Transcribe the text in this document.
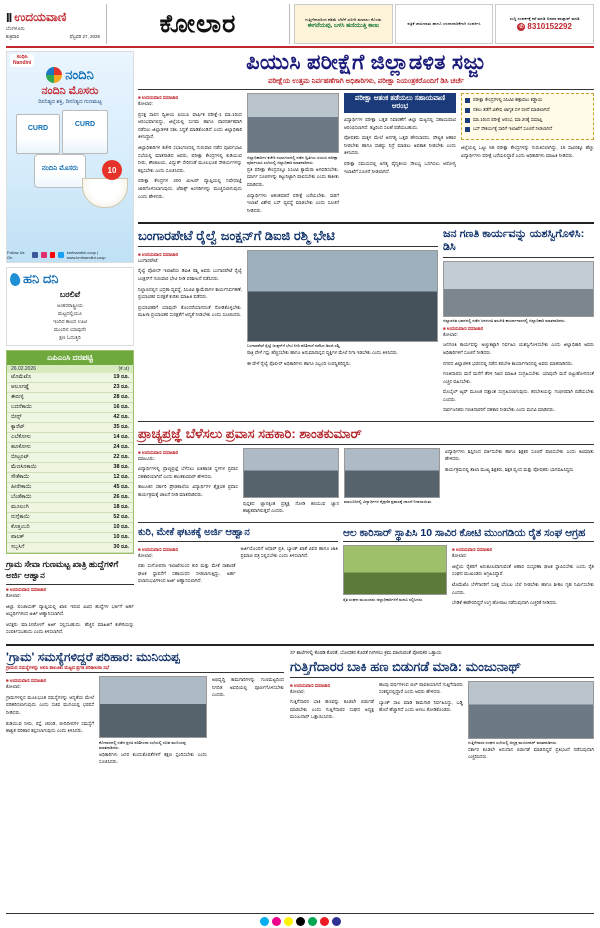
II ಉದಯವಾಣಿ
ಬೆಂಗಳೂರು
ಶುಕ್ರವಾರ	ಫೆಬ್ರವರಿ 27, 2026 ಕೋಲಾರ	ಗುತ್ತಿಗೆದಾರರಿಂದ ಕಡಿಮೆ ಬೆಲೆಗೆ ಖರೀದಿ ಮಾಡಲು ಕೊಂಡು
ಈಗನೆಯವು, ಬಳಸಿ ಹಣಿಯುತ್ತಿ ಕಾಣು	ಪತ್ರಿಕೆ ಜಾಹೀರಾತು ಹಾಗೂ ಚಂದಾದಾರಿಕೆಗಾಗಿ ಸಂಪರ್ಕಿಸಿ
ಸುದ್ದಿ ಸಂಪರ್ಕಕ್ಕೆ ಕರೆ ಮಾಡಿ ಅಥವಾ ವಾಟ್ಸಾಪ್ ಮಾಡಿ
✆ 8310152292
ಸಂಧಿಸಿ
Nandini
ನಂದಿನಿ
ನಂದಿನಿ ಮೊಸರು
ದಿನನಿತ್ಯದ ಶಕ್ತಿ, ದಿನನಿತ್ಯದ ಗುಣಮಟ್ಟ
CURD
CURD
ನಂದಿನಿ ಮೊಸರು	10
Follow Us On
kmfnandini.coop | www.kmfnandini.coop
ಹನಿ ದನಿ
ಬರಲಿವೆ
ಅಂತರರಾಷ್ಟ್ರೀಯ
ಮಟ್ಟದಲ್ಲಿಯೂ
ಇಂದಿನ ಕಾಲದ ಊಟಿ
ಮುಂದಿನ ಯಾವುದೇ
ಕ್ಷಣ ಓದುತ್ತಿರಿ
ಎಪಿಎಂಸಿ ದರಪಟ್ಟಿ
26.02.2026	(ಕೆ.ಜಿ)
ಟೊಮೆಟೊ	19 ರೂ.
ಆಲೂಗಡ್ಡೆ	23 ರೂ.
ಈರುಳ್ಳಿ	28 ರೂ.
ಬದನೆಕಾಯಿ	16 ರೂ.
ಬೀನ್ಸ್	42 ರೂ.
ಕ್ಯಾರೆಟ್	35 ರೂ.
ಎಲೆಕೋಸು	14 ರೂ.
ಹೂಕೋಸು	24 ರೂ.
ಬೀಟ್ರೂಟ್	22 ರೂ.
ಮೆಣಸಿನಕಾಯಿ	38 ರೂ.
ಸೌತೆಕಾಯಿ	12 ರೂ.
ಹೀರೇಕಾಯಿ	45 ರೂ.
ಬೆಂಡೆಕಾಯಿ	26 ರೂ.
ಮೂಲಂಗಿ	18 ರೂ.
ನುಗ್ಗೆಕಾಯಿ	52 ರೂ.
ಕೊತ್ತಂಬರಿ	10 ರೂ.
ಪಾಲಕ್	10 ರೂ.
ಸಬ್ಬಸಿಗೆ	30 ರೂ.
ಗ್ರಾಮ ಸೇವಾ ಗುಣಮಟ್ಟ ಖಾತ್ರಿ ಹುದ್ದೆಗಳಿಗೆ ಅರ್ಜಿ ಆಹ್ವಾನ
■ ಉದಯವಾಣಿ ಸಮಾಚಾರ

ಕೋಲಾರ:

ಜಿಲ್ಲಾ ಪಂಚಾಯತ್ ವ್ಯಾಪ್ತಿಯಲ್ಲಿ ಖಾಲಿ ಇರುವ ವಿವಿಧ ಹುದ್ದೆಗಳ ಭರ್ತಿಗೆ ಅರ್ಹ ಅಭ್ಯರ್ಥಿಗಳಿಂದ ಅರ್ಜಿ ಆಹ್ವಾನಿಸಲಾಗಿದೆ.

ಆಸಕ್ತರು ಮಾ.10ರೊಳಗೆ ಅರ್ಜಿ ಸಲ್ಲಿಸಬಹುದು. ಹೆಚ್ಚಿನ ಮಾಹಿತಿಗೆ ಕಚೇರಿಯನ್ನು ಸಂಪರ್ಕಿಸಬಹುದು ಎಂದು ತಿಳಿಸಲಾಗಿದೆ.

ಪಿಯುಸಿ ಪರೀಕ್ಷೆಗೆ ಜಿಲ್ಲಾಡಳಿತ ಸಜ್ಜು
ಪರೀಕ್ಷೆಯ ಉತ್ತಮ ನಿರ್ವಹಣೆಗಾಗಿ ಅಧಿಕಾರಿಗಳು, ಪರೀಕ್ಷಾ ನಿಯಂತ್ರಕರೊಂದಿಗೆ ಡಿಸಿ ಚರ್ಚೆ
■ ಉದಯವಾಣಿ ಸಮಾಚಾರ

ಕೋಲಾರ:

ಪ್ರಸಕ್ತ ಸಾಲಿನ ದ್ವಿತೀಯ ಪಿಯುಸಿ ವಾರ್ಷಿಕ ಪರೀಕ್ಷೆ-1 ಮಾ.1ರಿಂದ ಆರಂಭವಾಗಲಿದ್ದು, ಜಿಲ್ಲೆಯಲ್ಲಿ ಸುಗಮ ಹಾಗೂ ಪಾರದರ್ಶಕವಾಗಿ ನಡೆಸಲು ಜಿಲ್ಲಾಡಳಿತ ಸಕಲ ಸಿದ್ಧತೆ ಮಾಡಿಕೊಂಡಿದೆ ಎಂದು ಜಿಲ್ಲಾಧಿಕಾರಿ ತಿಳಿಸಿದ್ದಾರೆ.

ಜಿಲ್ಲಾಧಿಕಾರಿಗಳ ಕಚೇರಿ ಸಭಾಂಗಣದಲ್ಲಿ ಗುರುವಾರ ನಡೆದ ಪೂರ್ವಭಾವಿ ಸಭೆಯಲ್ಲಿ ಮಾತನಾಡಿದ ಅವರು, ಪರೀಕ್ಷಾ ಕೇಂದ್ರಗಳಲ್ಲಿ ಕುಡಿಯುವ ನೀರು, ಶೌಚಾಲಯ, ವಿದ್ಯುತ್ ಸೇರಿದಂತೆ ಮೂಲಭೂತ ಸೌಕರ್ಯಗಳನ್ನು ಕಲ್ಪಿಸಬೇಕು ಎಂದು ಸೂಚಿಸಿದರು.

ಪರೀಕ್ಷಾ ಕೇಂದ್ರಗಳ 200 ಮೀಟರ್ ವ್ಯಾಪ್ತಿಯಲ್ಲಿ ನಿಷೇಧಾಜ್ಞೆ ಜಾರಿಗೊಳಿಸಲಾಗುವುದು. ಜೆರಾಕ್ಸ್ ಅಂಗಡಿಗಳನ್ನು ಮುಚ್ಚಿಸಲಾಗುವುದು ಎಂದು ಹೇಳಿದರು.

ಜಿಲ್ಲಾಧಿಕಾರಿಗಳ ಕಚೇರಿ ಸಭಾಂಗಣದಲ್ಲಿ ನಡೆದ ದ್ವಿತೀಯ ಪಿಯುಸಿ ಪರೀಕ್ಷಾ ಪೂರ್ವಭಾವಿ ಸಭೆಯಲ್ಲಿ ಜಿಲ್ಲಾಧಿಕಾರಿ ಮಾತನಾಡಿದರು.

ಪ್ರತಿ ಪರೀಕ್ಷಾ ಕೇಂದ್ರದಲ್ಲೂ ಸಿಸಿಟಿವಿ ಕ್ಯಾಮೆರಾ ಅಳವಡಿಸಬೇಕು. ಮಾರ್ಗ ಸೂಚಿಗಳನ್ನು ಕಟ್ಟುನಿಟ್ಟಾಗಿ ಪಾಲಿಸಬೇಕು ಎಂದು ತಾಕೀತು ಮಾಡಿದರು.

ವಿದ್ಯಾರ್ಥಿಗಳು ಆತಂಕಪಡದೆ ಪರೀಕ್ಷೆ ಬರೆಯಬೇಕು. ಸಾರಿಗೆ ಇಲಾಖೆ ವಿಶೇಷ ಬಸ್ ವ್ಯವಸ್ಥೆ ಮಾಡಬೇಕು ಎಂದು ಸೂಚನೆ ನೀಡಿದರು.

ಪರೀಕ್ಷಾ ಆತಂಕ ತಡೆಯಲು ಸಹಾಯವಾಣಿ ಆರಂಭ

ವಿದ್ಯಾರ್ಥಿಗಳ ಪರೀಕ್ಷಾ ಒತ್ತಡ ನಿವಾರಣೆಗೆ ಜಿಲ್ಲಾ ಮಟ್ಟದಲ್ಲಿ ಸಹಾಯವಾಣಿ ಆರಂಭಿಸಲಾಗಿದೆ. ತಜ್ಞರಿಂದ ಸಲಹೆ ಪಡೆಯಬಹುದು.

ಪೋಷಕರು ಮಕ್ಕಳ ಮೇಲೆ ಅನಗತ್ಯ ಒತ್ತಡ ಹೇರಬಾರದು. ಪೌಷ್ಟಿಕ ಆಹಾರ ನೀಡಬೇಕು ಹಾಗೂ ಸಾಕಷ್ಟು ನಿದ್ರೆ ಮಾಡಲು ಅವಕಾಶ ನೀಡಬೇಕು ಎಂದು ತಿಳಿಸಿದರು.

ಪರೀಕ್ಷಾ ಸಮಯದಲ್ಲಿ ಅಗತ್ಯ ವೈದ್ಯಕೀಯ ಸೌಲಭ್ಯ ಒದಗಿಸಲು ಆರೋಗ್ಯ ಇಲಾಖೆಗೆ ಸೂಚನೆ ನೀಡಲಾಗಿದೆ.

ಪರೀಕ್ಷಾ ಕೇಂದ್ರಗಳಲ್ಲಿ ಸಿಸಿಟಿವಿ ಕಣ್ಗಾವಲು ಕಡ್ಡಾಯ
ನಕಲು ತಡೆಗೆ ವಿಶೇಷ ಜಾಗೃತ ದಳ ರಚನೆ ಮಾಡಲಾಗಿದೆ
ಮಾ.1ರಿಂದ ಪರೀಕ್ಷೆ ಆರಂಭ, ಮಾ.20ಕ್ಕೆ ಸಮಾಪ್ತಿ
ಬಸ್ ಸೌಕರ್ಯಕ್ಕೆ ಸಾರಿಗೆ ಇಲಾಖೆಗೆ ಸೂಚನೆ ನೀಡಲಾಗಿದೆ

ಜಿಲ್ಲೆಯಲ್ಲಿ ಒಟ್ಟು 58 ಪರೀಕ್ಷಾ ಕೇಂದ್ರಗಳನ್ನು ಗುರುತಿಸಲಾಗಿದ್ದು, 18 ಸಾವಿರಕ್ಕೂ ಹೆಚ್ಚು ವಿದ್ಯಾರ್ಥಿಗಳು ಪರೀಕ್ಷೆ ಬರೆಯಲಿದ್ದಾರೆ ಎಂದು ಅಧಿಕಾರಿಗಳು ಮಾಹಿತಿ ನೀಡಿದರು.

ಬಂಗಾರಪೇಟೆ ರೈಲ್ವೆ ಜಂಕ್ಷನ್‌ಗೆ ಡಿಐಜಿ ರಶ್ಮಿ ಭೇಟಿ
■ ಉದಯವಾಣಿ ಸಮಾಚಾರ

ಬಂಗಾರಪೇಟೆ:

ರೈಲ್ವೆ ಪೊಲೀಸ್ ಇಲಾಖೆಯ ಡಿಐಜಿ ರಶ್ಮಿ ಅವರು ಬಂಗಾರಪೇಟೆ ರೈಲ್ವೆ ಜಂಕ್ಷನ್‌ಗೆ ಗುರುವಾರ ಭೇಟಿ ನೀಡಿ ಪರಿಶೀಲನೆ ನಡೆಸಿದರು.

ನಿಲ್ದಾಣದಲ್ಲಿನ ಭದ್ರತಾ ವ್ಯವಸ್ಥೆ, ಸಿಸಿಟಿವಿ ಕ್ಯಾಮೆರಾಗಳ ಕಾರ್ಯನಿರ್ವಹಣೆ, ಪ್ರಯಾಣಿಕರ ಸುರಕ್ಷತೆ ಕುರಿತು ಮಾಹಿತಿ ಪಡೆದರು.

ಪ್ರಯಾಣಿಕರಿಗೆ ಯಾವುದೇ ತೊಂದರೆಯಾಗದಂತೆ ನೋಡಿಕೊಳ್ಳಬೇಕು. ಮಹಿಳಾ ಪ್ರಯಾಣಿಕರ ಸುರಕ್ಷತೆಗೆ ಆದ್ಯತೆ ನೀಡಬೇಕು ಎಂದು ಸೂಚಿಸಿದರು.

ಬಂಗಾರಪೇಟೆ ರೈಲ್ವೆ ಜಂಕ್ಷನ್‌ಗೆ ಭೇಟಿ ನೀಡಿ ಪರಿಶೀಲನೆ ನಡೆಸಿದ ಡಿಐಜಿ ರಶ್ಮಿ.

ರಾತ್ರಿ ವೇಳೆ ಗಸ್ತು ಹೆಚ್ಚಿಸಬೇಕು ಹಾಗೂ ಅನುಮಾನಾಸ್ಪದ ವ್ಯಕ್ತಿಗಳ ಮೇಲೆ ನಿಗಾ ಇಡಬೇಕು ಎಂದು ತಿಳಿಸಿದರು.

ಈ ವೇಳೆ ರೈಲ್ವೆ ಪೊಲೀಸ್ ಅಧಿಕಾರಿಗಳು ಹಾಗೂ ಸಿಬ್ಬಂದಿ ಉಪಸ್ಥಿತರಿದ್ದರು.

ಜನ ಗಣತಿ ಕಾರ್ಯವನ್ನು ಯಶಸ್ವಿಗೊಳಿಸಿ: ಡಿಸಿ
ಜಿಲ್ಲಾಡಳಿತ ಭವನದಲ್ಲಿ ನಡೆದ ಜನಗಣತಿ ತರಬೇತಿ ಕಾರ್ಯಾಗಾರದಲ್ಲಿ ಜಿಲ್ಲಾಧಿಕಾರಿ ಮಾತನಾಡಿದರು.
■ ಉದಯವಾಣಿ ಸಮಾಚಾರ

ಕೋಲಾರ:

ಜನಗಣತಿ ಕಾರ್ಯವನ್ನು ಅಚ್ಚುಕಟ್ಟಾಗಿ ನಿರ್ವಹಿಸಿ ಯಶಸ್ವಿಗೊಳಿಸಬೇಕು ಎಂದು ಜಿಲ್ಲಾಧಿಕಾರಿ ಅವರು ಅಧಿಕಾರಿಗಳಿಗೆ ಸೂಚನೆ ನೀಡಿದರು.

ನಗರದ ಜಿಲ್ಲಾಡಳಿತ ಭವನದಲ್ಲಿ ನಡೆದ ತರಬೇತಿ ಕಾರ್ಯಾಗಾರದಲ್ಲಿ ಅವರು ಮಾತನಾಡಿದರು.

ಗಣತಿದಾರರು ಮನೆ ಮನೆಗೆ ತೆರಳಿ ನಿಖರ ಮಾಹಿತಿ ಸಂಗ್ರಹಿಸಬೇಕು. ಯಾವುದೇ ಮನೆ ಬಿಟ್ಟುಹೋಗದಂತೆ ಎಚ್ಚರ ವಹಿಸಬೇಕು.

ಮೊಬೈಲ್ ಆ್ಯಪ್ ಮೂಲಕ ದತ್ತಾಂಶ ಸಂಗ್ರಹಿಸಲಾಗುವುದು. ತರಬೇತಿಯನ್ನು ಗಂಭೀರವಾಗಿ ಪಡೆಯಬೇಕು ಎಂದರು.

ಸಾರ್ವಜನಿಕರು ಗಣತಿದಾರರಿಗೆ ಸಹಕಾರ ನೀಡಬೇಕು ಎಂದು ಮನವಿ ಮಾಡಿದರು.

ಪ್ರಾಚ್ಯಪ್ರಜ್ಞೆ ಬೆಳೆಸಲು ಪ್ರವಾಸ ಸಹಕಾರಿ: ಶಾಂತಕುಮಾರ್
■ ಉದಯವಾಣಿ ಸಮಾಚಾರ

ಮಾಲೂರು:

ವಿದ್ಯಾರ್ಥಿಗಳಲ್ಲಿ ಪ್ರಾಚ್ಯಪ್ರಜ್ಞೆ ಬೆಳೆಸಲು ಐತಿಹಾಸಿಕ ಸ್ಥಳಗಳ ಪ್ರವಾಸ ಸಹಕಾರಿಯಾಗಿದೆ ಎಂದು ಶಾಂತಕುಮಾರ್ ಹೇಳಿದರು.

ತಾಲೂಕಿನ ಸರ್ಕಾರಿ ಪ್ರೌಢಶಾಲೆಯ ವಿದ್ಯಾರ್ಥಿಗಳ ಶೈಕ್ಷಣಿಕ ಪ್ರವಾಸ ಕಾರ್ಯಕ್ರಮಕ್ಕೆ ಚಾಲನೆ ನೀಡಿ ಮಾತನಾಡಿದರು.

ಪುಸ್ತಕದ ಜ್ಞಾನಕ್ಕಿಂತ ಪ್ರತ್ಯಕ್ಷ ನೋಡಿ ಕಲಿಯುವ ಜ್ಞಾನ ಶಾಶ್ವತವಾಗಿರುತ್ತದೆ ಎಂದರು.

ಮಾಲೂರಿನಲ್ಲಿ ವಿದ್ಯಾರ್ಥಿಗಳ ಶೈಕ್ಷಣಿಕ ಪ್ರವಾಸಕ್ಕೆ ಚಾಲನೆ ನೀಡಲಾಯಿತು.

ವಿದ್ಯಾರ್ಥಿಗಳು ಶಿಸ್ತಿನಿಂದ ವರ್ತಿಸಬೇಕು ಹಾಗೂ ಶಿಕ್ಷಕರ ಸೂಚನೆ ಪಾಲಿಸಬೇಕು ಎಂದು ಕಿವಿಮಾತು ಹೇಳಿದರು.

ಕಾರ್ಯಕ್ರಮದಲ್ಲಿ ಶಾಲಾ ಮುಖ್ಯ ಶಿಕ್ಷಕರು, ಶಿಕ್ಷಕ ವೃಂದ ಮತ್ತು ಪೋಷಕರು ಭಾಗವಹಿಸಿದ್ದರು.

ಕುರಿ, ಮೇಕೆ ಘಟಕಕ್ಕೆ ಅರ್ಜಿ ಆಹ್ವಾನ
■ ಉದಯವಾಣಿ ಸಮಾಚಾರ

ಕೋಲಾರ:

ಪಶು ಸಂಗೋಪನಾ ಇಲಾಖೆಯಿಂದ ಕುರಿ ಮತ್ತು ಮೇಕೆ ಸಾಕಾಣಿಕೆ ಘಟಕ ಸ್ಥಾಪನೆಗೆ ಸಹಾಯಧನ ನೀಡಲಾಗುತ್ತಿದ್ದು, ಅರ್ಹ ಫಲಾನುಭವಿಗಳಿಂದ ಅರ್ಜಿ ಆಹ್ವಾನಿಸಲಾಗಿದೆ.

ಅರ್ಜಿಯೊಂದಿಗೆ ಆಧಾರ್ ಪ್ರತಿ, ಬ್ಯಾಂಕ್ ಖಾತೆ ವಿವರ ಹಾಗೂ ಜಾತಿ ಪ್ರಮಾಣ ಪತ್ರ ಸಲ್ಲಿಸಬೇಕು ಎಂದು ತಿಳಿಸಲಾಗಿದೆ.

ಆಲ ಕಾರಿಸಾರ್ ಸ್ಥಾಪಿಸಿ 10 ಸಾವಿರ ಕೋಟಿ ಮುಂಗಡಿಯ ರೈತ ಸಂಘ ಆಗ್ರಹ
ರೈತ ಸಂಘದ ಮುಖಂಡರು ಜಿಲ್ಲಾಧಿಕಾರಿಗಳಿಗೆ ಮನವಿ ಸಲ್ಲಿಸಿದರು.
■ ಉದಯವಾಣಿ ಸಮಾಚಾರ

ಕೋಲಾರ:

ಜಿಲ್ಲೆಯ ರೈತರಿಗೆ ಅನುಕೂಲವಾಗುವಂತೆ ಆಹಾರ ಸಂಸ್ಕರಣಾ ಘಟಕ ಸ್ಥಾಪಿಸಬೇಕು ಎಂದು ರೈತ ಸಂಘದ ಮುಖಂಡರು ಆಗ್ರಹಿಸಿದ್ದಾರೆ.

ಟೊಮೆಟೊ ಬೆಳೆಗಾರರಿಗೆ ಸೂಕ್ತ ಬೆಂಬಲ ಬೆಲೆ ನೀಡಬೇಕು ಹಾಗೂ ಶೀತಲ ಗೃಹ ನಿರ್ಮಿಸಬೇಕು ಎಂದರು.

ಬೇಡಿಕೆ ಈಡೇರದಿದ್ದರೆ ಉಗ್ರ ಹೋರಾಟ ನಡೆಸುವುದಾಗಿ ಎಚ್ಚರಿಕೆ ನೀಡಿದರು.

'ಗ್ರಾಮ' ಸಮಸ್ಯೆಗಳಿದ್ದರೆ ಪರಿಹಾರ: ಮುನಿಯಪ್ಪ
ಗ್ರಾಮದ ಸಮಸ್ಯೆಗಳನ್ನು ಆಲಿಸಿ ತಾಲೂಕು ಮಟ್ಟದ ಪ್ರಗತಿ ಪರಿಶೀಲನಾ ಸಭೆ
■ ಉದಯವಾಣಿ ಸಮಾಚಾರ

ಕೋಲಾರ:

ಗ್ರಾಮಗಳಲ್ಲಿನ ಮೂಲಭೂತ ಸಮಸ್ಯೆಗಳನ್ನು ಆದ್ಯತೆಯ ಮೇಲೆ ಪರಿಹರಿಸಲಾಗುವುದು ಎಂದು ಸಚಿವ ಮುನಿಯಪ್ಪ ಭರವಸೆ ನೀಡಿದರು.

ಕುಡಿಯುವ ನೀರು, ರಸ್ತೆ, ಚರಂಡಿ, ಬೀದಿದೀಪಗಳ ಸಮಸ್ಯೆಗೆ ಶಾಶ್ವತ ಪರಿಹಾರ ಕಲ್ಪಿಸಲಾಗುವುದು ಎಂದು ತಿಳಿಸಿದರು.

ಕೋಲಾರದಲ್ಲಿ ನಡೆದ ಪ್ರಗತಿ ಪರಿಶೀಲನಾ ಸಭೆಯಲ್ಲಿ ಸಚಿವ ಮುನಿಯಪ್ಪ ಮಾತನಾಡಿದರು.

ಅಧಿಕಾರಿಗಳು ಜನರ ಕುಂದುಕೊರತೆಗಳಿಗೆ ತಕ್ಷಣ ಸ್ಪಂದಿಸಬೇಕು ಎಂದು ಸೂಚಿಸಿದರು.

ಅಭಿವೃದ್ಧಿ ಕಾಮಗಾರಿಗಳನ್ನು ಗುಣಮಟ್ಟದಿಂದ ನಿಗದಿತ ಅವಧಿಯಲ್ಲಿ ಪೂರ್ಣಗೊಳಿಸಬೇಕು ಎಂದರು.

37 ಶಾಲೆಗಳಲ್ಲಿ ಕೊಠಡಿ ಕೊರತೆ, ಬೋಧಕರ ಕೊರತೆ ನೀಗಿಸಲು ಕ್ರಮ ವಹಿಸುವಂತೆ ಪೋಷಕರ ಒತ್ತಾಯ
ಗುತ್ತಿಗೆದಾರರ ಬಾಕಿ ಹಣ ಬಿಡುಗಡೆ ಮಾಡಿ: ಮಂಜುನಾಥ್
■ ಉದಯವಾಣಿ ಸಮಾಚಾರ

ಕೋಲಾರ:

ಗುತ್ತಿಗೆದಾರರ ಬಾಕಿ ಹಣವನ್ನು ಕೂಡಲೇ ಬಿಡುಗಡೆ ಮಾಡಬೇಕು ಎಂದು ಗುತ್ತಿಗೆದಾರರ ಸಂಘದ ಅಧ್ಯಕ್ಷ ಮಂಜುನಾಥ್ ಒತ್ತಾಯಿಸಿದರು.

ಹಲವು ವರ್ಷಗಳಿಂದ ಬಿಲ್ ಪಾವತಿಯಾಗದೆ ಗುತ್ತಿಗೆದಾರರು ಸಂಕಷ್ಟದಲ್ಲಿದ್ದಾರೆ ಎಂದು ಅವರು ಹೇಳಿದರು.

ಬ್ಯಾಂಕ್ ಸಾಲ ಮಾಡಿ ಕಾಮಗಾರಿ ನಿರ್ವಹಿಸಿದ್ದು, ಬಡ್ಡಿ ಹೊರೆ ಹೆಚ್ಚಾಗಿದೆ ಎಂದು ಅಳಲು ತೋಡಿಕೊಂಡರು.

ಗುತ್ತಿಗೆದಾರರ ಸಂಘದ ಸಭೆಯಲ್ಲಿ ಅಧ್ಯಕ್ಷ ಮಂಜುನಾಥ್ ಮಾತನಾಡಿದರು.

ಸರ್ಕಾರ ಕೂಡಲೇ ಅನುದಾನ ಬಿಡುಗಡೆ ಮಾಡದಿದ್ದರೆ ಪ್ರತಿಭಟನೆ ನಡೆಸುವುದಾಗಿ ಎಚ್ಚರಿಸಿದರು.
